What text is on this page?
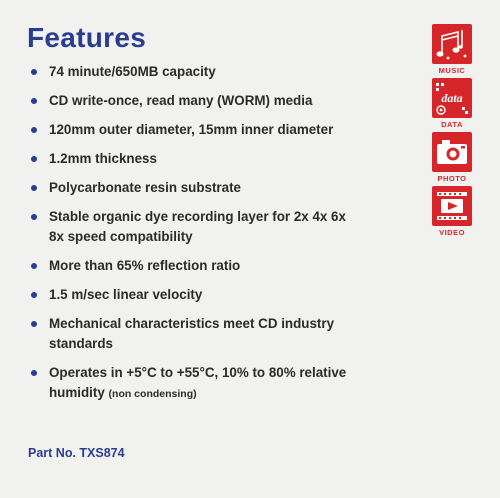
Features
74 minute/650MB capacity
CD write-once, read many (WORM) media
120mm outer diameter, 15mm inner diameter
1.2mm thickness
Polycarbonate resin substrate
Stable organic dye recording layer for 2x 4x 6x
8x speed compatibility
More than 65% reflection ratio
1.5 m/sec linear velocity
Mechanical characteristics meet CD industry
standards
Operates in +5°C to +55°C, 10% to 80% relative
humidity (non condensing)
Part No. TXS874
MUSIC
data
DATA
PHOTO
VIDEO
